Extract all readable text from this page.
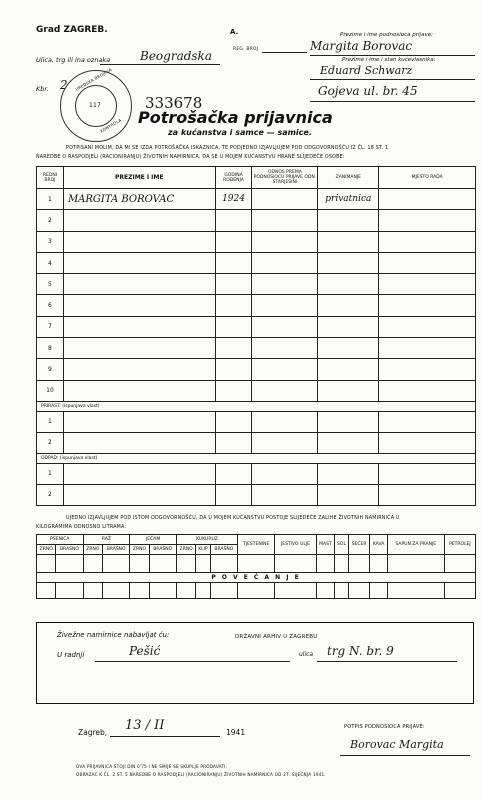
Grad ZAGREB.	A.
REG. BROJ
Prezime i ime podnosioca prijave:
Margita Borovac
Prezime i ime i stan kućevlasnika:
Eduard Schwarz
Gojeva ul. br. 45
Ulica, trg ili ina oznaka Beogradska
Kbr. 2 UREDSKA BROJEVA
KONTROLA
117	333678
Potrošačka prijavnica
za kućanstva i samce — samice.
POTPISANI MOLIM, DA MI SE IZDA POTROŠAČKA ISKAZNICA, TE PODJEDNO IZJAVLJUJEM POD ODGOVORNOŠĆU IZ ČL. 18 ST. 1
NAREDBE O RASPODJELI (RACIONIRANJU) ŽIVOTNIH NAMIRNICA, DA SE U MOJEM KUĆANSTVU HRANE SLIJEDEĆE OSOBE:
REDNI BROJ	PREZIME I IME	GODINA ROĐENJA	ODNOS PREMA PODNOSIOCU PRIJAVE ODN. STARJEŠINI	ZANIMANJE	MJESTO RADA
1	MARGITA BOROVAC	1924		privatnica	
2					
3					
4					
5					
6					
7					
8					
9					
10					
PRIRAST: (ispunjava vlast)					
1					
2					
ODPAD: (ispunjava vlast)					
1					
2					
UJEDNO IZJAVLJUJEM POD ISTOM ODGOVORNOŠĆU, DA U MOJEM KUĆANSTVU POSTOJE SLIJEDEĆE ZALIHE ŽIVOTNIH NAMIRNICA U
KILOGRAMIMA ODNOSNO LITRAMA:
PŠENICA		RAŽ		JEČAM		KUKURUZ			TJESTENINE	JESTIVO ULJE	MAST	SOL	ŠEĆER	KAVA	SAPUN ZA PRANJE	PETROLEJ
ZRNO	BRAŠNO	ZRNO	BRAŠNO	ZRNO	BRAŠNO	ZRNO	KLIP	BRAŠNO								

P O V E Ć A N J E																

Živežne namirnice nabavljat ću:	DRŽAVNI ARHIV U ZAGREBU
U radnji	Pešić	ulica trg N. br. 9
Zagreb, 13 / II	1941
POTPIS PODNOSIOCA PRIJAVE:
Borovac Margita
OVA PRIJAVNICA STOJI DIN 0'75 I NE SMIJE SE SKUPLJE PRODAVATI.
OBRAZAC K ČL. 2 ST. 5 NAREDBE O RASPODJELI (RACIONIRANJU) ŽIVOTNIH NAMIRNICA OD 27. SIJEČNJA 1941.
